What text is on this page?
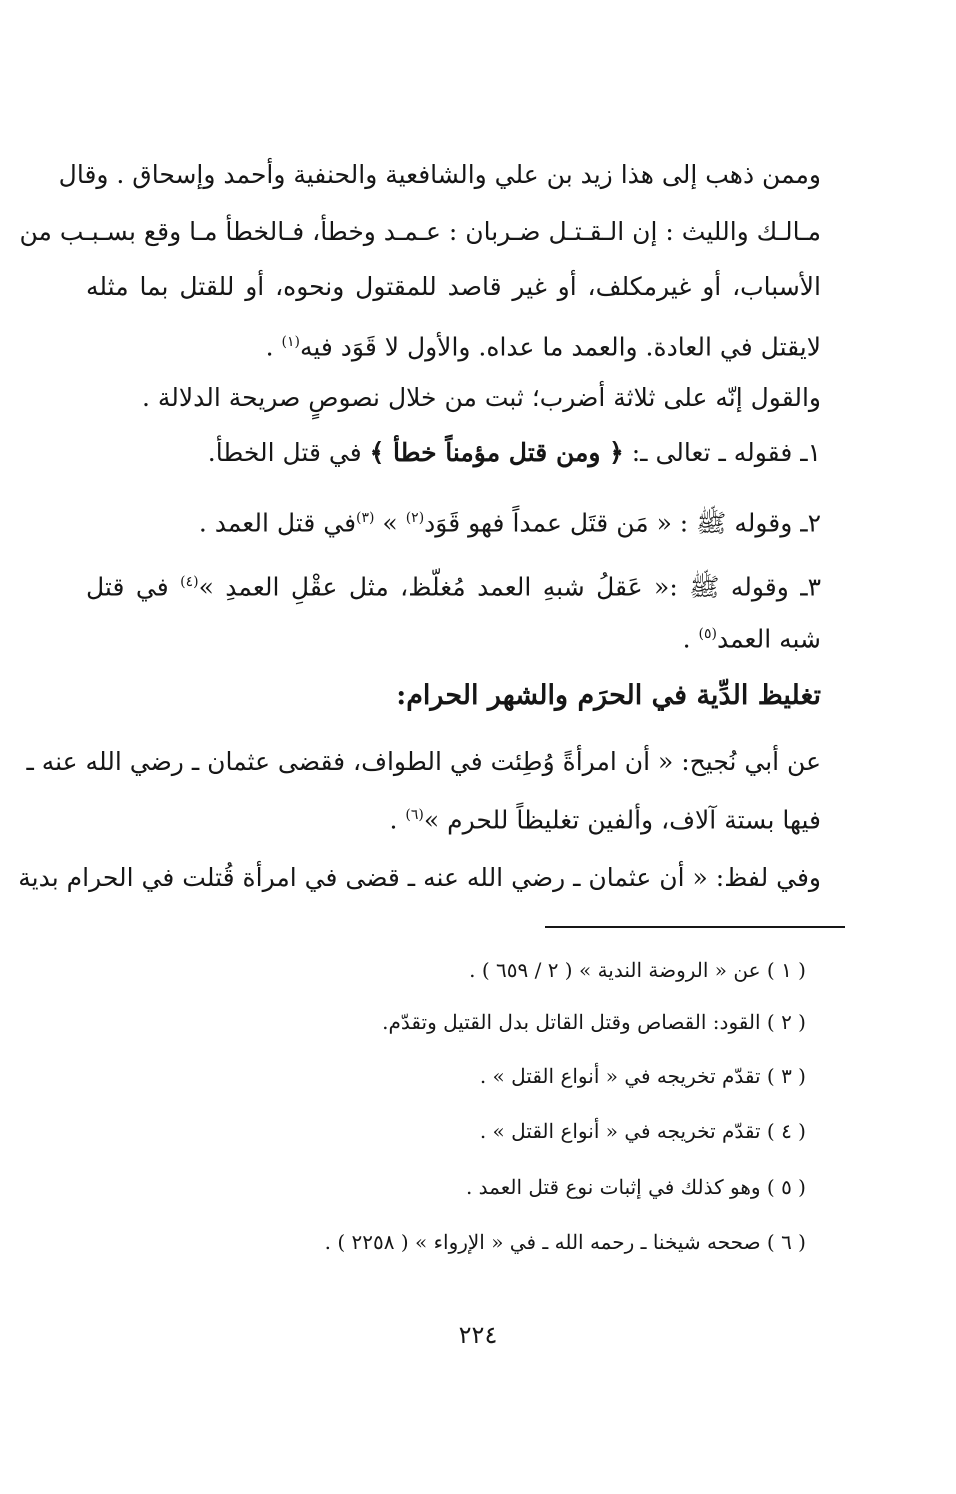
وممن ذهب إلى هذا زيد بن علي والشافعية والحنفية وأحمد وإسحاق . وقال
مـالـك والليث : إن الـقـتـل ضـربان : عـمـد وخطأ، فـالخطأ مـا وقع بسـبـب من
الأسباب، أو غيرمكلف، أو غير قاصد للمقتول ونحوه، أو للقتل بما مثله
لايقتل في العادة. والعمد ما عداه. والأول لا قَوَد فيه$^{(١)}$ .
والقول إنّه على ثلاثة أضرب؛ ثبت من خلال نصوصٍ صريحة الدلالة .
١ـ فقوله ـ تعالى ـ: ﴿ ومن قتل مؤمناً خطأ ﴾ في قتل الخطأ.
٢ـ وقوله ﷺ : « مَن قتَل عمداً فهو قَوَد$^{(٢)}$ » $^{(٣)}$في قتل العمد .
٣ـ وقوله ﷺ :« عَقلُ شبهِ العمد مُغلّظ، مثل عقْلِ العمدِ »$^{(٤)}$ في قتل
شبه العمد$^{(٥)}$ .
تغليظ الدِّية في الحرَم والشهر الحرام:
عن أبي نُجيح: « أن امرأةً وُطِئت في الطواف، فقضى عثمان ـ رضي الله عنه ـ
فيها بستة آلاف، وألفين تغليظاً للحرم »$^{(٦)}$ .
وفي لفظ: « أن عثمان ـ رضي الله عنه ـ قضى في امرأة قُتلت في الحرام بدية
( ١ ) عن « الروضة الندية » ( ٢ / ٦٥٩ ) .
( ٢ ) القود: القصاص وقتل القاتل بدل القتيل وتقدّم.
( ٣ ) تقدّم تخريجه في « أنواع القتل » .
( ٤ ) تقدّم تخريجه في « أنواع القتل » .
( ٥ ) وهو كذلك في إثبات نوع قتل العمد .
( ٦ ) صححه شيخنا ـ رحمه الله ـ في « الإرواء » ( ٢٢٥٨ ) .
٢٢٤
